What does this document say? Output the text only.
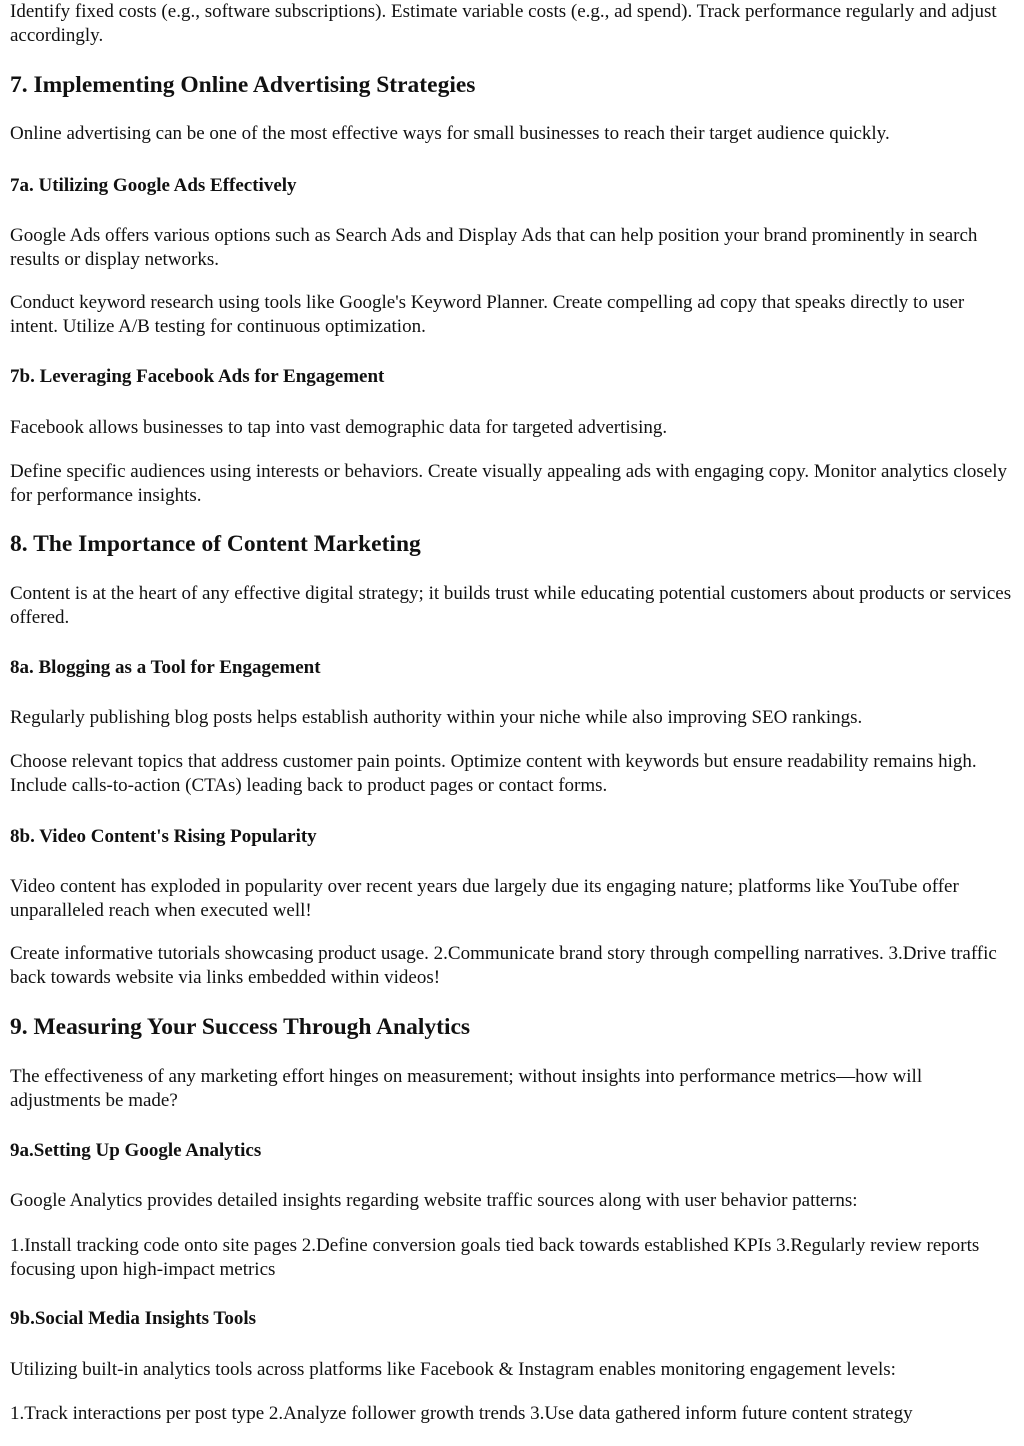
Identify fixed costs (e.g., software subscriptions). Estimate variable costs (e.g., ad spend). Track performance regularly and adjust accordingly.

7. Implementing Online Advertising Strategies

Online advertising can be one of the most effective ways for small businesses to reach their target audience quickly.

7a. Utilizing Google Ads Effectively

Google Ads offers various options such as Search Ads and Display Ads that can help position your brand prominently in search results or display networks.

Conduct keyword research using tools like Google's Keyword Planner. Create compelling ad copy that speaks directly to user intent. Utilize A/B testing for continuous optimization.

7b. Leveraging Facebook Ads for Engagement

Facebook allows businesses to tap into vast demographic data for targeted advertising.

Define specific audiences using interests or behaviors. Create visually appealing ads with engaging copy. Monitor analytics closely for performance insights.

8. The Importance of Content Marketing

Content is at the heart of any effective digital strategy; it builds trust while educating potential customers about products or services offered.

8a. Blogging as a Tool for Engagement

Regularly publishing blog posts helps establish authority within your niche while also improving SEO rankings.

Choose relevant topics that address customer pain points. Optimize content with keywords but ensure readability remains high. Include calls-to-action (CTAs) leading back to product pages or contact forms.

8b. Video Content's Rising Popularity

Video content has exploded in popularity over recent years due largely due its engaging nature; platforms like YouTube offer unparalleled reach when executed well!

Create informative tutorials showcasing product usage. 2.Communicate brand story through compelling narratives. 3.Drive traffic back towards website via links embedded within videos!

9. Measuring Your Success Through Analytics

The effectiveness of any marketing effort hinges on measurement; without insights into performance metrics—how will adjustments be made?

9a.Setting Up Google Analytics

Google Analytics provides detailed insights regarding website traffic sources along with user behavior patterns:

1.Install tracking code onto site pages 2.Define conversion goals tied back towards established KPIs 3.Regularly review reports focusing upon high-impact metrics

9b.Social Media Insights Tools

Utilizing built-in analytics tools across platforms like Facebook & Instagram enables monitoring engagement levels:

1.Track interactions per post type 2.Analyze follower growth trends 3.Use data gathered inform future content strategy
